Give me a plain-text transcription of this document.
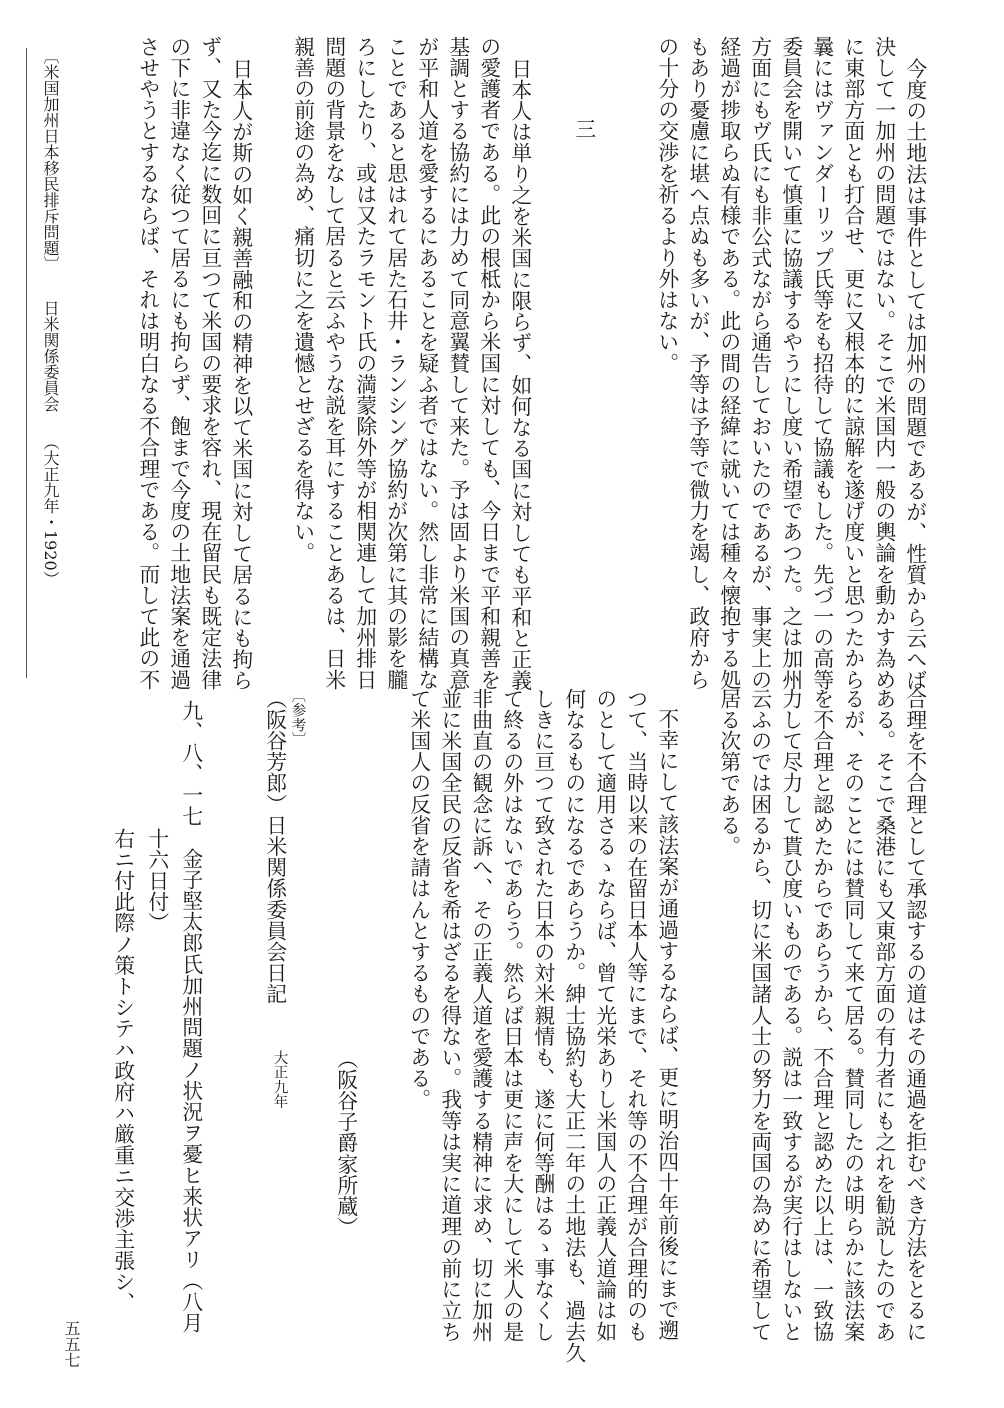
〔米国加州日本移民排斥問題〕日米関係委員会（大正九年・1920）	今度の土地法は事件としては加州の問題であるが、性質から云へば
決して一加州の問題ではない。そこで米国内一般の輿論を動かす為め
に東部方面とも打合せ、更に又根本的に諒解を遂げ度いと思つたから
曩にはヴァンダーリップ氏等をも招待して協議もした。先づ一の高等
委員会を開いて慎重に協議するやうにし度い希望であつた。之は加州
方面にもヴ氏にも非公式ながら通告しておいたのであるが、事実上の
経過が捗取らぬ有様である。此の間の経緯に就いては種々懐抱する処
もあり憂慮に堪へ点ぬも多いが、予等は予等で微力を竭し、政府から
の十分の交渉を祈るより外はない。
三
日本人は単り之を米国に限らず、如何なる国に対しても平和と正義
の愛護者である。此の根柢から米国に対しても、今日まで平和親善を
基調とする協約には力めて同意翼賛して来た。予は固より米国の真意
が平和人道を愛するにあることを疑ふ者ではない。然し非常に結構な
ことであると思はれて居た石井・ランシング協約が次第に其の影を朧
ろにしたり、或は又たラモント氏の満蒙除外等が相関連して加州排日
問題の背景をなして居ると云ふやうな説を耳にすることあるは、日米
親善の前途の為め、痛切に之を遺憾とせざるを得ない。
日本人が斯の如く親善融和の精神を以て米国に対して居るにも拘ら
ず、又た今迄に数回に亘つて米国の要求を容れ、現在留民も既定法律
の下に非違なく従つて居るにも拘らず、飽まで今度の土地法案を通過
させやうとするならば、それは明白なる不合理である。而して此の不
合理を不合理として承認するの道はその通過を拒むべき方法をとるに
ある。そこで桑港にも又東部方面の有力者にも之れを勧説したのであ
るが、そのことには賛同して来て居る。賛同したのは明らかに該法案
を不合理と認めたからであらうから、不合理と認めた以上は、一致協
力して尽力して貰ひ度いものである。説は一致するが実行はしないと
云ふのでは困るから、切に米国諸人士の努力を両国の為めに希望して
居る次第である。
不幸にして該法案が通過するならば、更に明治四十年前後にまで遡
つて、当時以来の在留日本人等にまで、それ等の不合理が合理的のも
のとして適用さるゝならば、曾て光栄ありし米国人の正義人道論は如
何なるものになるであらうか。紳士協約も大正二年の土地法も、過去久
しきに亘つて致された日本の対米親情も、遂に何等酬はるゝ事なくし
て終るの外はないであらう。然らば日本は更に声を大にして米人の是
非曲直の観念に訴へ、その正義人道を愛護する精神に求め、切に加州
並に米国全民の反省を希はざるを得ない。我等は実に道理の前に立ち
て米国人の反省を請はんとするものである。
（阪谷子爵家所蔵）
〔参考〕
（阪谷芳郎）日米関係委員会日記
大正九年
九、八、一七
金子堅太郎氏加州問題ノ状況ヲ憂ヒ来状アリ（八月
十六日付）
右ニ付此際ノ策トシテハ政府ハ厳重ニ交渉主張シ、
五五七
